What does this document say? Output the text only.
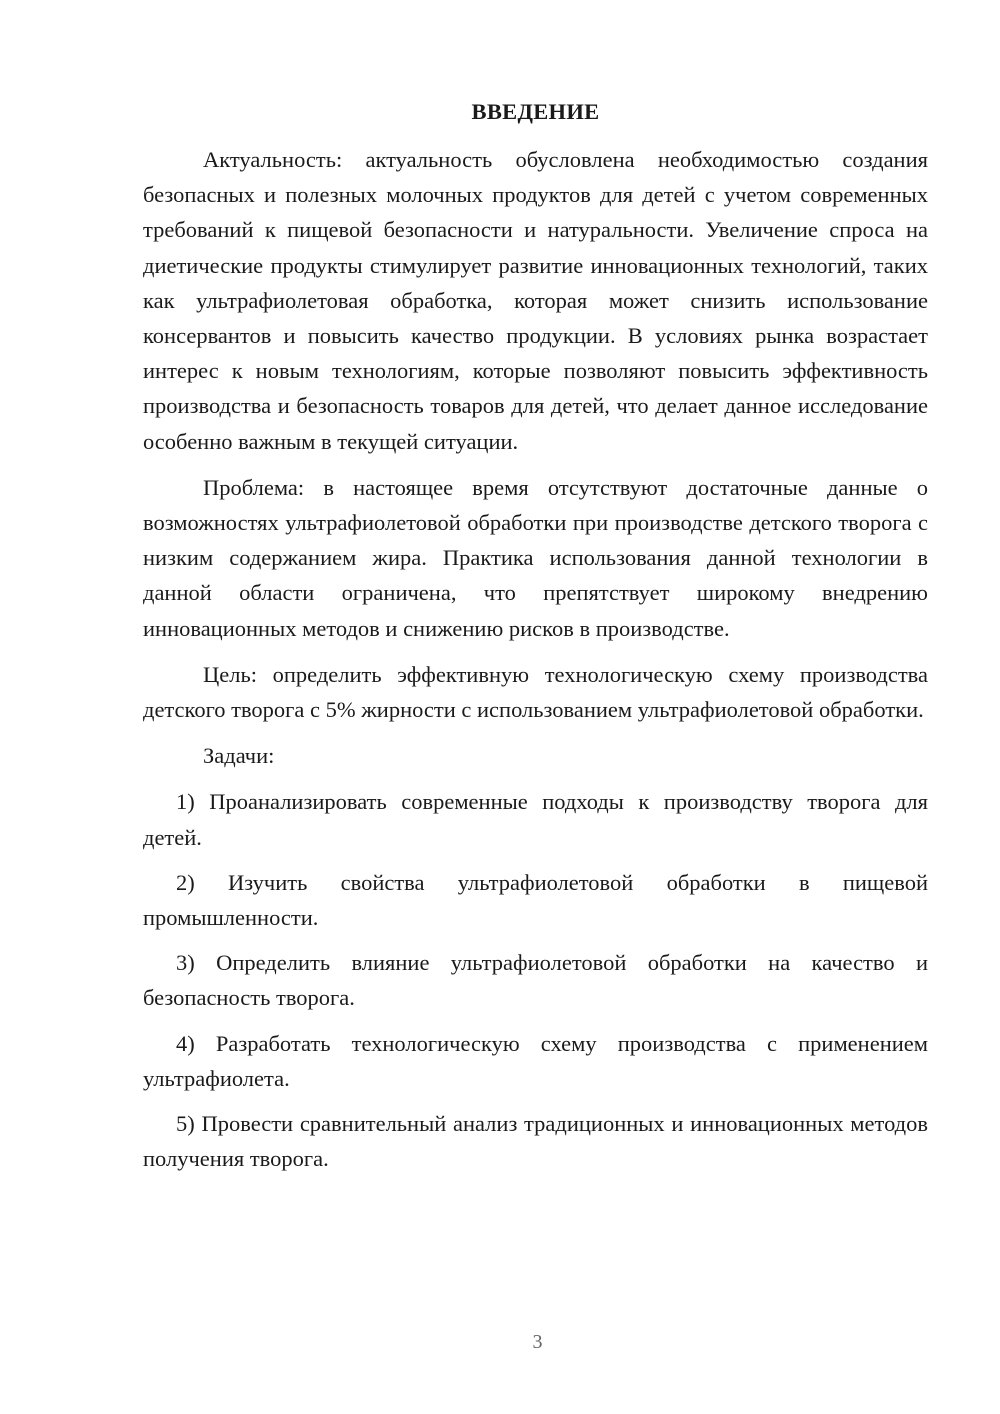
ВВЕДЕНИЕ

Актуальность: актуальность обусловлена необходимостью создания безопасных и полезных молочных продуктов для детей с учетом современных требований к пищевой безопасности и натуральности. Увеличение спроса на диетические продукты стимулирует развитие инновационных технологий, таких как ультрафиолетовая обработка, которая может снизить использование консервантов и повысить качество продукции. В условиях рынка возрастает интерес к новым технологиям, которые позволяют повысить эффективность производства и безопасность товаров для детей, что делает данное исследование особенно важным в текущей ситуации.

Проблема: в настоящее время отсутствуют достаточные данные о возможностях ультрафиолетовой обработки при производстве детского творога с низким содержанием жира. Практика использования данной технологии в данной области ограничена, что препятствует широкому внедрению инновационных методов и снижению рисков в производстве.

Цель: определить эффективную технологическую схему производства детского творога с 5% жирности с использованием ультрафиолетовой обработки.

Задачи:

1) Проанализировать современные подходы к производству творога для детей.

2) Изучить свойства ультрафиолетовой обработки в пищевой промышленности.

3) Определить влияние ультрафиолетовой обработки на качество и безопасность творога.

4) Разработать технологическую схему производства с применением ультрафиолета.

5) Провести сравнительный анализ традиционных и инновационных методов получения творога.

3
